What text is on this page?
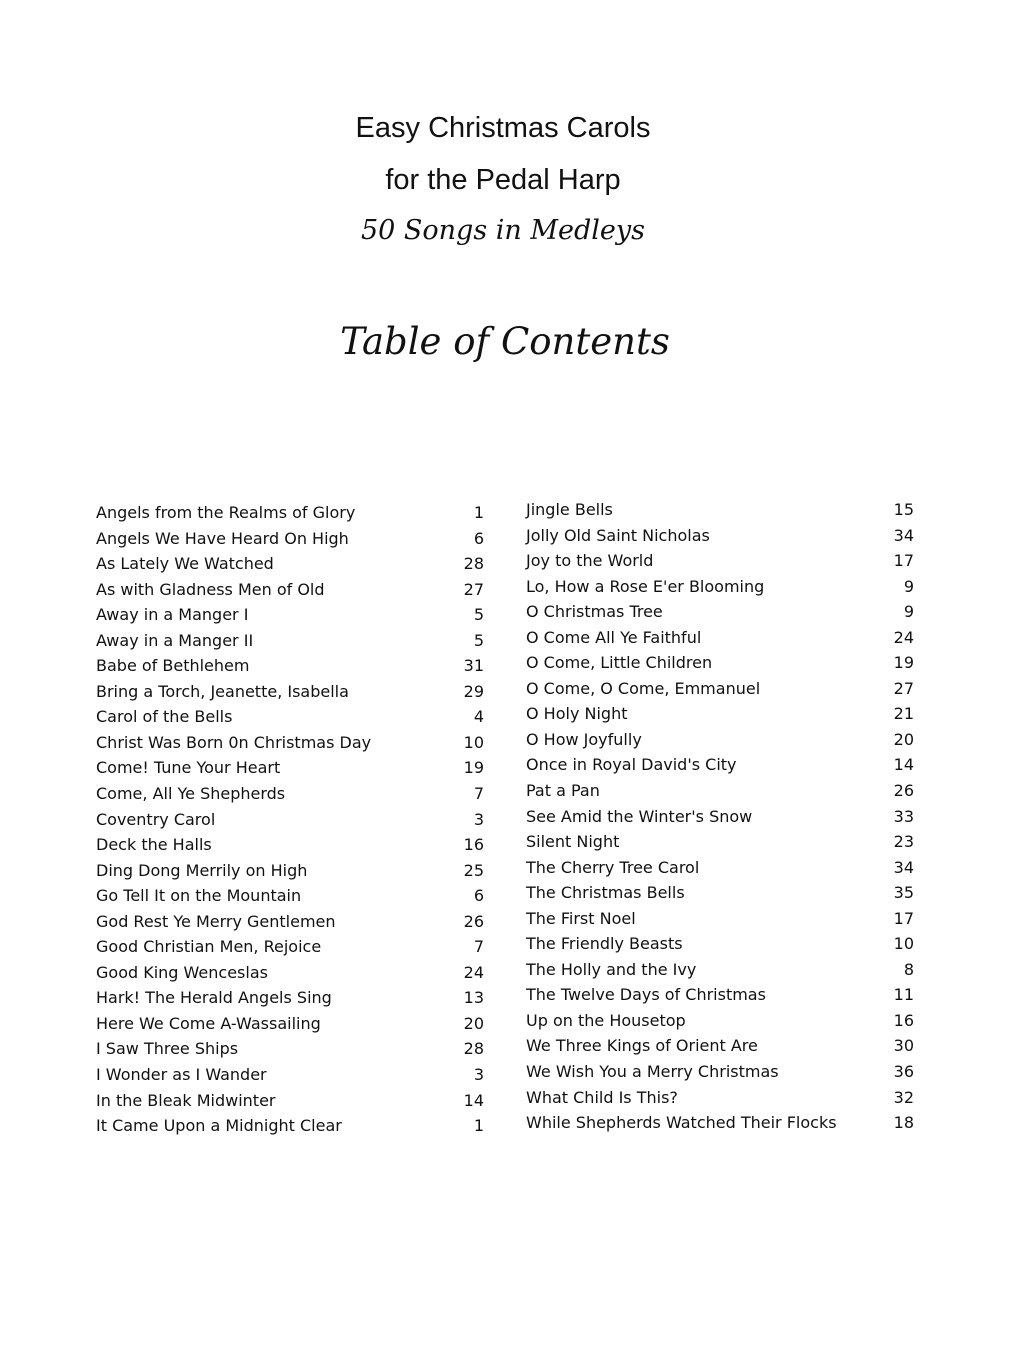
Easy Christmas Carols
for the Pedal Harp
50 Songs in Medleys
Table of Contents
Angels from the Realms of Glory	1
Angels We Have Heard On High	6
As Lately We Watched	28
As with Gladness Men of Old	27
Away in a Manger I	5
Away in a Manger II	5
Babe of Bethlehem	31
Bring a Torch, Jeanette, Isabella	29
Carol of the Bells	4
Christ Was Born 0n Christmas Day	10
Come! Tune Your Heart	19
Come, All Ye Shepherds	7
Coventry Carol	3
Deck the Halls	16
Ding Dong Merrily on High	25
Go Tell It on the Mountain	6
God Rest Ye Merry Gentlemen	26
Good Christian Men, Rejoice	7
Good King Wenceslas	24
Hark! The Herald Angels Sing	13
Here We Come A-Wassailing	20
I Saw Three Ships	28
I Wonder as I Wander	3
In the Bleak Midwinter	14
It Came Upon a Midnight Clear	1
Jingle Bells	15
Jolly Old Saint Nicholas	34
Joy to the World	17
Lo, How a Rose E'er Blooming	9
O Christmas Tree	9
O Come All Ye Faithful	24
O Come, Little Children	19
O Come, O Come, Emmanuel	27
O Holy Night	21
O How Joyfully	20
Once in Royal David's City	14
Pat a Pan	26
See Amid the Winter's Snow	33
Silent Night	23
The Cherry Tree Carol	34
The Christmas Bells	35
The First Noel	17
The Friendly Beasts	10
The Holly and the Ivy	8
The Twelve Days of Christmas	11
Up on the Housetop	16
We Three Kings of Orient Are	30
We Wish You a Merry Christmas	36
What Child Is This?	32
While Shepherds Watched Their Flocks	18
